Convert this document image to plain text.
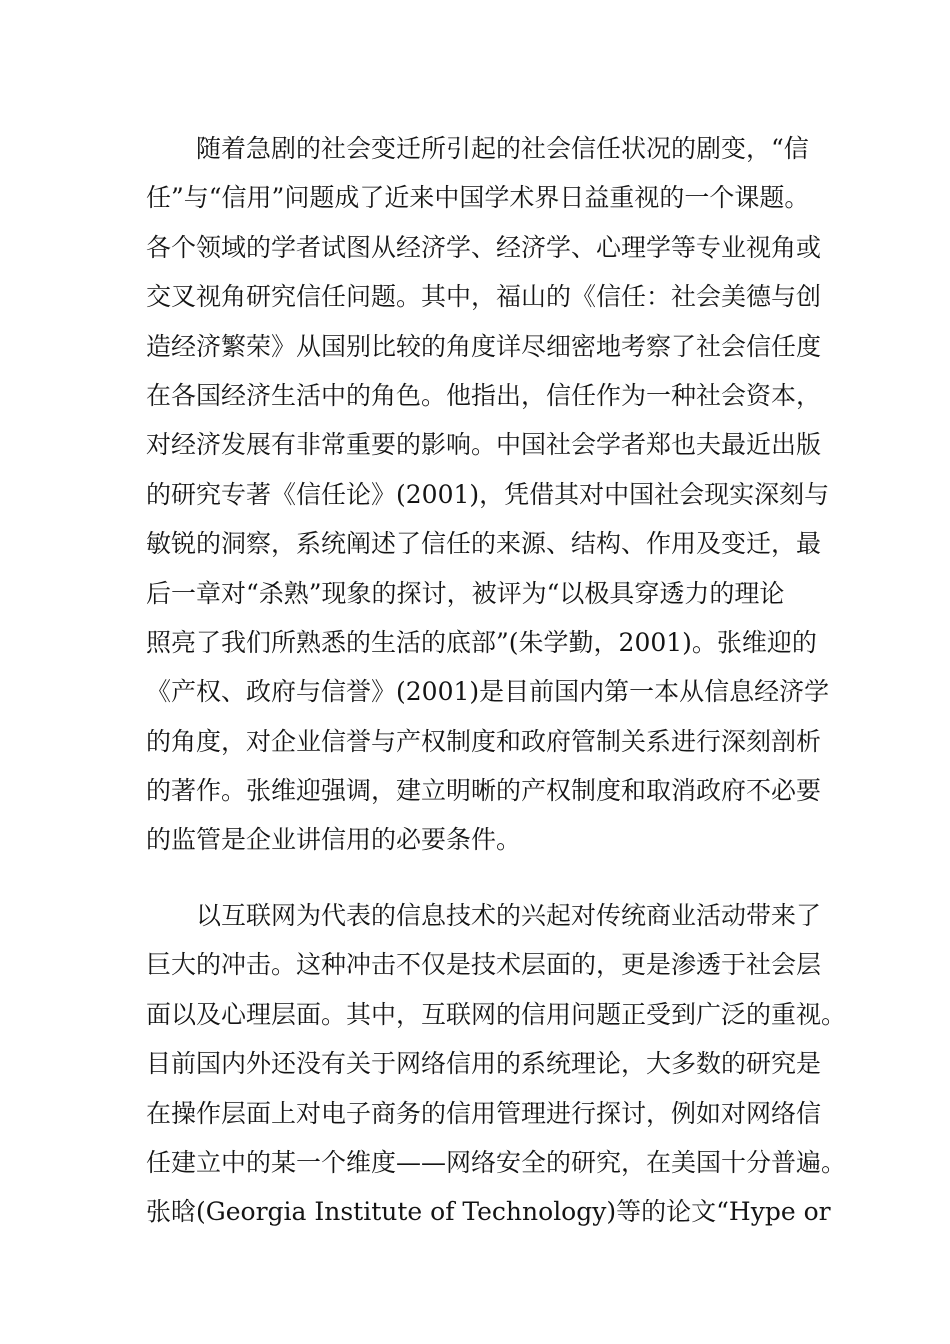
随着急剧的社会变迁所引起的社会信任状况的剧变，“信
任”与“信用”问题成了近来中国学术界日益重视的一个课题。
各个领域的学者试图从经济学、经济学、心理学等专业视角或
交叉视角研究信任问题。其中，福山的《信任：社会美德与创
造经济繁荣》从国别比较的角度详尽细密地考察了社会信任度
在各国经济生活中的角色。他指出，信任作为一种社会资本，
对经济发展有非常重要的影响。中国社会学者郑也夫最近出版
的研究专著《信任论》(2001)，凭借其对中国社会现实深刻与
敏锐的洞察，系统阐述了信任的来源、结构、作用及变迁，最
后一章对“杀熟”现象的探讨，被评为“以极具穿透力的理论
照亮了我们所熟悉的生活的底部”(朱学勤，2001)。张维迎的
《产权、政府与信誉》(2001)是目前国内第一本从信息经济学
的角度，对企业信誉与产权制度和政府管制关系进行深刻剖析
的著作。张维迎强调，建立明晰的产权制度和取消政府不必要
的监管是企业讲信用的必要条件。
以互联网为代表的信息技术的兴起对传统商业活动带来了
巨大的冲击。这种冲击不仅是技术层面的，更是渗透于社会层
面以及心理层面。其中，互联网的信用问题正受到广泛的重视。
目前国内外还没有关于网络信用的系统理论，大多数的研究是
在操作层面上对电子商务的信用管理进行探讨，例如对网络信
任建立中的某一个维度——网络安全的研究，在美国十分普遍。
张晗(Georgia Institute of Technology)等的论文“Hype or
